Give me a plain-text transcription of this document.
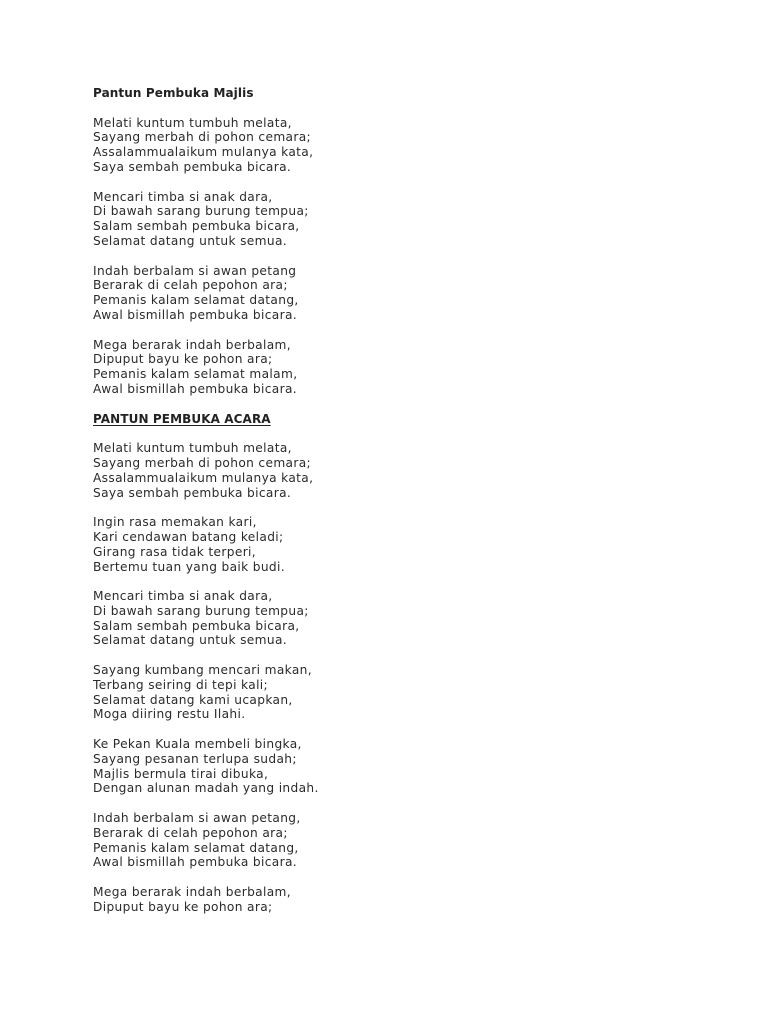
Pantun Pembuka Majlis
Melati kuntum tumbuh melata,
Sayang merbah di pohon cemara;
Assalammualaikum mulanya kata,
Saya sembah pembuka bicara.
Mencari timba si anak dara,
Di bawah sarang burung tempua;
Salam sembah pembuka bicara,
Selamat datang untuk semua.
Indah berbalam si awan petang
Berarak di celah pepohon ara;
Pemanis kalam selamat datang,
Awal bismillah pembuka bicara.
Mega berarak indah berbalam,
Dipuput bayu ke pohon ara;
Pemanis kalam selamat malam,
Awal bismillah pembuka bicara.
PANTUN PEMBUKA ACARA
Melati kuntum tumbuh melata,
Sayang merbah di pohon cemara;
Assalammualaikum mulanya kata,
Saya sembah pembuka bicara.
Ingin rasa memakan kari,
Kari cendawan batang keladi;
Girang rasa tidak terperi,
Bertemu tuan yang baik budi.
Mencari timba si anak dara,
Di bawah sarang burung tempua;
Salam sembah pembuka bicara,
Selamat datang untuk semua.
Sayang kumbang mencari makan,
Terbang seiring di tepi kali;
Selamat datang kami ucapkan,
Moga diiring restu Ilahi.
Ke Pekan Kuala membeli bingka,
Sayang pesanan terlupa sudah;
Majlis bermula tirai dibuka,
Dengan alunan madah yang indah.
Indah berbalam si awan petang,
Berarak di celah pepohon ara;
Pemanis kalam selamat datang,
Awal bismillah pembuka bicara.
Mega berarak indah berbalam,
Dipuput bayu ke pohon ara;
